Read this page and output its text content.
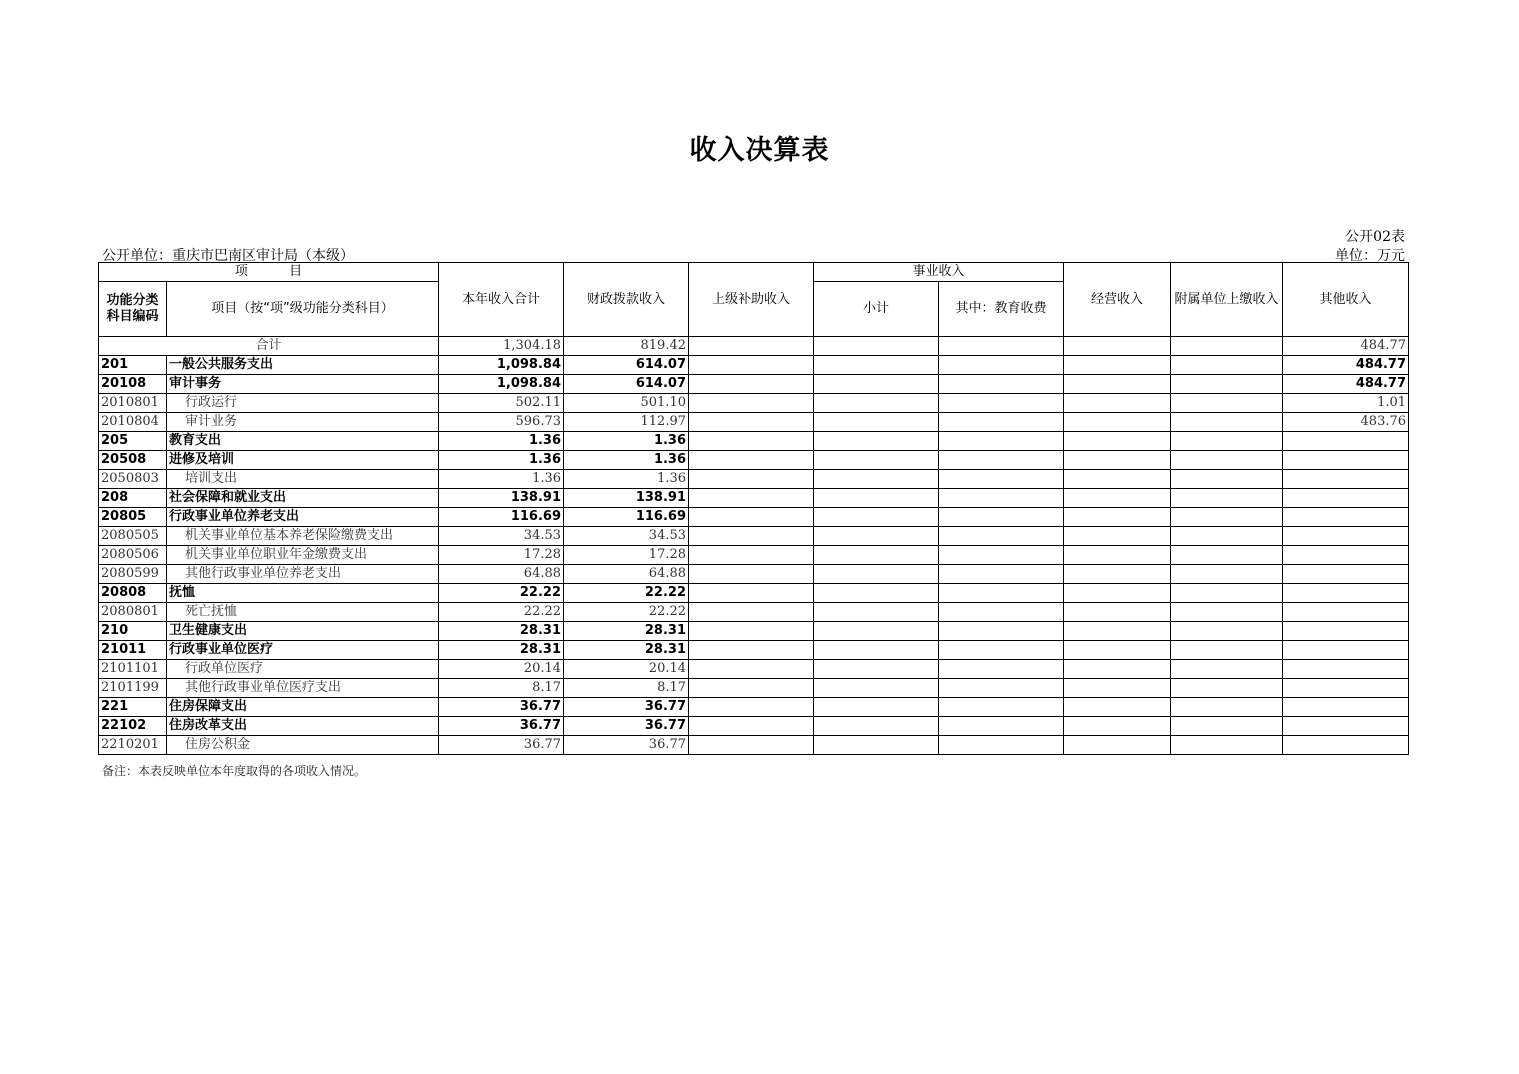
收入决算表
公开02表
公开单位：重庆市巴南区审计局（本级）	单位：万元
项          目		本年收入合计	财政拨款收入	上级补助收入	事业收入		经营收入	附属单位上缴收入	其他收入
功能分类科目编码	项目（按“项”级功能分类科目）				小计	其中：教育收费			
合计		1,304.18	819.42						484.77
201	一般公共服务支出	1,098.84	614.07						484.77
20108	审计事务	1,098.84	614.07						484.77
2010801	行政运行	502.11	501.10						1.01
2010804	审计业务	596.73	112.97						483.76
205	教育支出	1.36	1.36						
20508	进修及培训	1.36	1.36						
2050803	培训支出	1.36	1.36						
208	社会保障和就业支出	138.91	138.91						
20805	行政事业单位养老支出	116.69	116.69						
2080505	机关事业单位基本养老保险缴费支出	34.53	34.53						
2080506	机关事业单位职业年金缴费支出	17.28	17.28						
2080599	其他行政事业单位养老支出	64.88	64.88						
20808	抚恤	22.22	22.22						
2080801	死亡抚恤	22.22	22.22						
210	卫生健康支出	28.31	28.31						
21011	行政事业单位医疗	28.31	28.31						
2101101	行政单位医疗	20.14	20.14						
2101199	其他行政事业单位医疗支出	8.17	8.17						
221	住房保障支出	36.77	36.77						
22102	住房改革支出	36.77	36.77						
2210201	住房公积金	36.77	36.77						
备注：本表反映单位本年度取得的各项收入情况。
